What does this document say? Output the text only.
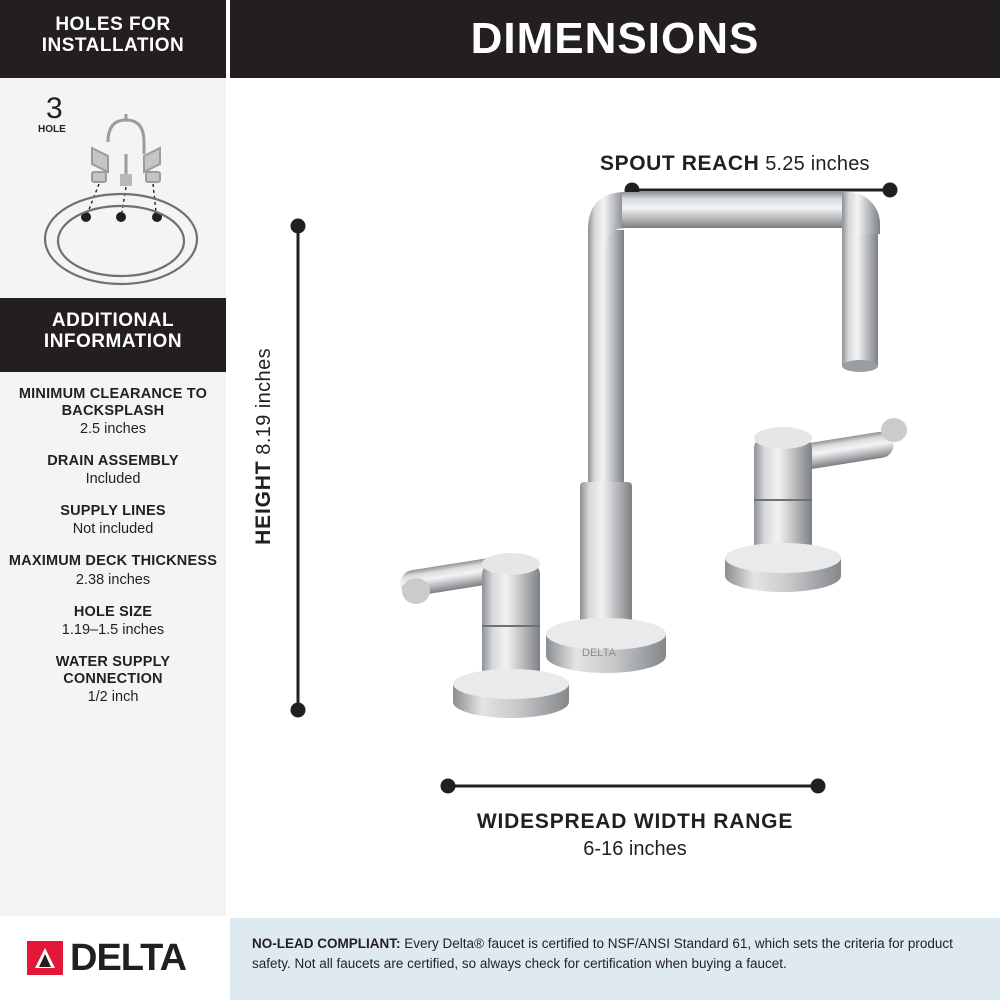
HOLES FOR
INSTALLATION
3
HOLE
ADDITIONAL
INFORMATION
MINIMUM CLEARANCE TO BACKSPLASH
2.5 inches
DRAIN ASSEMBLY
Included
SUPPLY LINES
Not included
MAXIMUM DECK THICKNESS
2.38 inches
HOLE SIZE
1.19–1.5 inches
WATER SUPPLY CONNECTION
1/2 inch
DELTA
DIMENSIONS
DELTA
SPOUT REACH 5.25 inches
HEIGHT 8.19 inches
WIDESPREAD WIDTH RANGE
6-16 inches
NO-LEAD COMPLIANT: Every Delta® faucet is certified to NSF/ANSI Standard 61, which sets the criteria for product safety. Not all faucets are certified, so always check for certification when buying a faucet.
